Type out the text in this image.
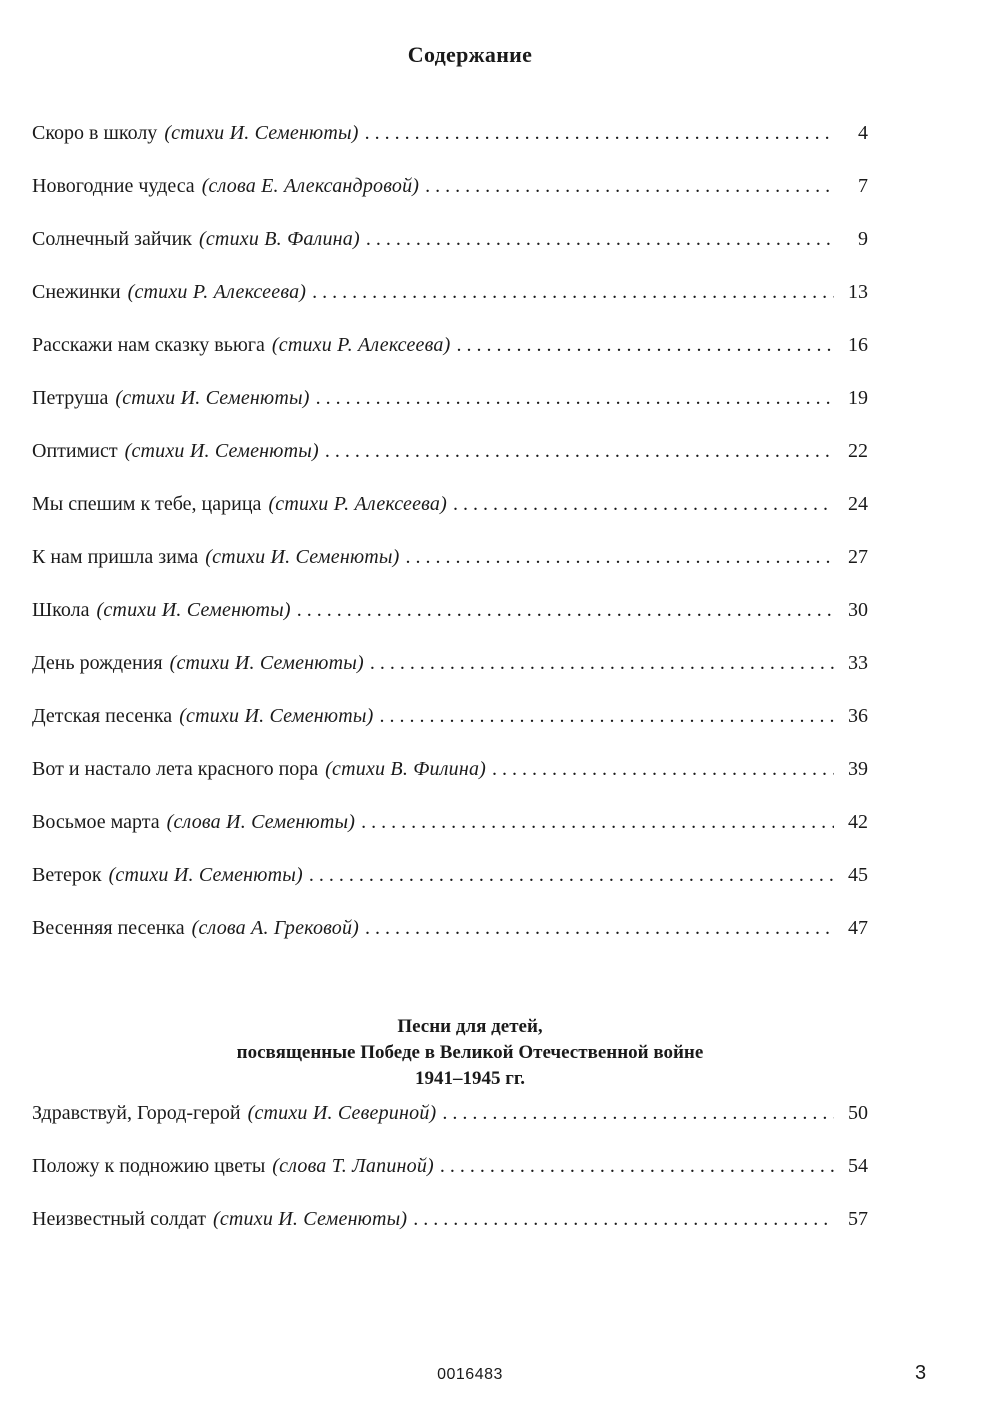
Содержание
Скоро в школу (стихи И. Семенюты) . . .	4
Новогодние чудеса (слова Е. Александровой) . . .	7
Солнечный зайчик (стихи В. Фалина) . . .	9
Снежинки (стихи Р. Алексеева) . . .	13
Расскажи нам сказку вьюга (стихи Р. Алексеева) . . .	16
Петруша (стихи И. Семенюты) . . .	19
Оптимист (стихи И. Семенюты) . . .	22
Мы спешим к тебе, царица (стихи Р. Алексеева) . . .	24
К нам пришла зима (стихи И. Семенюты) . . .	27
Школа (стихи И. Семенюты) . . .	30
День рождения (стихи И. Семенюты) . . .	33
Детская песенка (стихи И. Семенюты) . . .	36
Вот и настало лета красного пора (стихи В. Филина) . . .	39
Восьмое марта (слова И. Семенюты) . . .	42
Ветерок (стихи И. Семенюты) . . .	45
Весенняя песенка (слова А. Грековой) . . .	47
Песни для детей,
посвященные Победе в Великой Отечественной войне
1941–1945 гг.
Здравствуй, Город-герой (стихи И. Севериной) . . .	50
Положу к подножию цветы (слова Т. Лапиной) . . .	54
Неизвестный солдат (стихи И. Семенюты) . . .	57
0016483	3
